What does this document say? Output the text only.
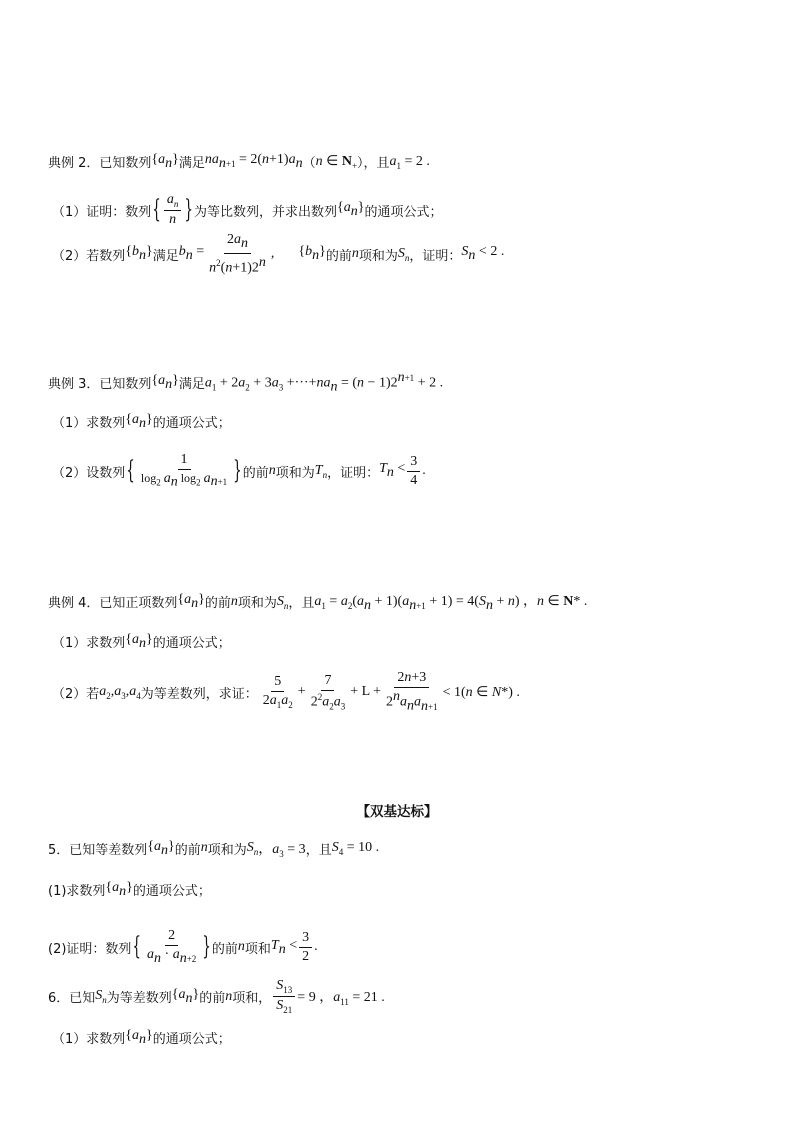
典例 2．已知数列 $\{a_n\}$ 满足 $na_{n+1} = 2(n+1)a_n$ （ n ∈ $N_+$ ），且 $a_1 = 2$ .
（1）证明：数列 { $\frac{a_n}{n}$ } 为等比数列，并求出数列 $\{a_n\}$ 的通项公式；
（2）若数列 $\{b_n\}$ 满足 $b_n = \frac{2a_n}{n^2(n+1)2^n}$ , $\{b_n\}$ 的前 n 项和为 $S_n$ ，证明： $S_n < 2$ .
典例 3．已知数列 $\{a_n\}$ 满足 $a_1 + 2a_2 + 3a_3 +\cdot\cdot\cdot+na_n = (n - 1)2^{n+1} + 2$ .
（1）求数列 $\{a_n\}$ 的通项公式；
（2）设数列 { $\frac{1}{\log_2 a_n \log_2 a_{n+1}}$ } 的前 n 项和为 $T_n$ ，证明： $T_n < \frac{3}{4}$ .
典例 4．已知正项数列 $\{a_n\}$ 的前 n 项和为 $S_n$ ，且 $a_1 = a_2(a_n + 1)(a_{n+1} + 1) = 4(S_n + n)$ ，n ∈ N* .
（1）求数列 $\{a_n\}$ 的通项公式；
（2）若 $a_2,a_3,a_4$ 为等差数列，求证： $\frac{5}{2a_1a_2} + \frac{7}{2^2a_2a_3} + L + \frac{2n+3}{2^na_na_{n+1}} < 1(n$ ∈ N*) .
【双基达标】
5．已知等差数列 $\{a_n\}$ 的前 n 项和为 $S_n$ ，$a_3 = 3$ ，且 $S_4 = 10$ .
(1)求数列 $\{a_n\}$ 的通项公式；
(2)证明：数列 { $\frac{2}{a_n \cdot a_{n+2}}$ } 的前 n 项和 $T_n < \frac{3}{2}$ .
6．已知 $S_n$ 为等差数列 $\{a_n\}$ 的前 n 项和， $\frac{S_{13}}{S_{21}} = 9$ ，$a_{11} = 21$ .
（1）求数列 $\{a_n\}$ 的通项公式；
